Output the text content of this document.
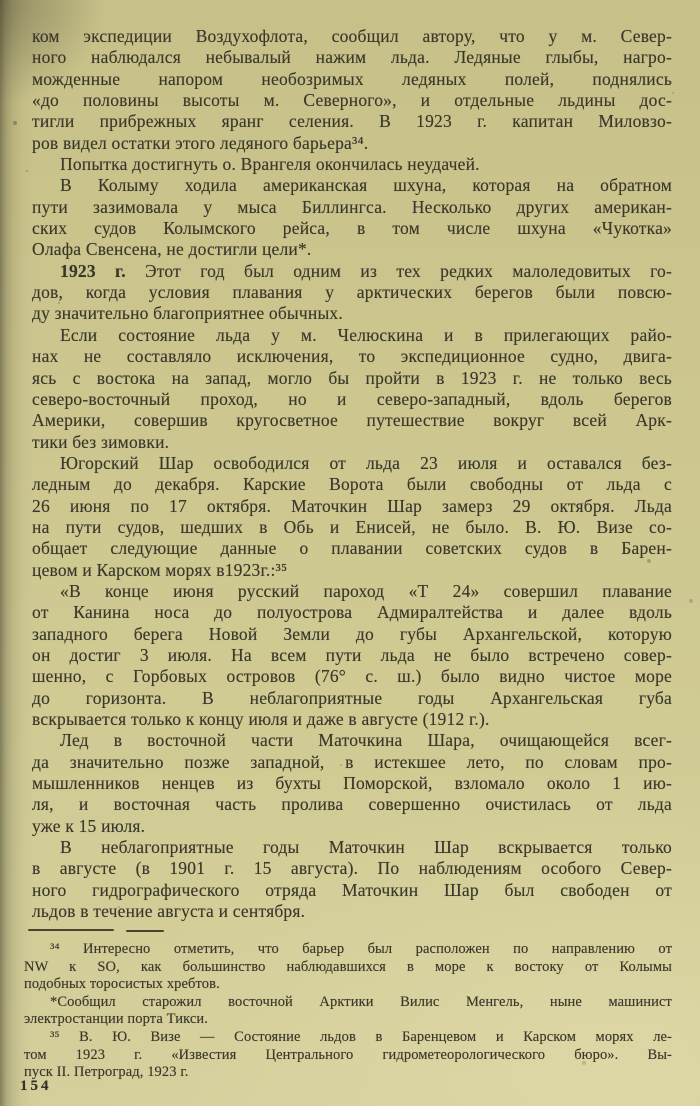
ком экспедиции Воздухофлота, сообщил автору, что у м. Север-
ного наблюдался небывалый нажим льда. Ледяные глыбы, нагро-
можденные напором необозримых ледяных полей, поднялись
«до половины высоты м. Северного», и отдельные льдины дос-
тигли прибрежных яранг селения. В 1923 г. капитан Миловзо-
ров видел остатки этого ледяного барьера³⁴.
Попытка достигнуть о. Врангеля окончилась неудачей.
В Колыму ходила американская шхуна, которая на обратном
пути зазимовала у мыса Биллингса. Несколько других американ-
ских судов Колымского рейса, в том числе шхуна «Чукотка»
Олафа Свенсена, не достигли цели*.
1923 г. Этот год был одним из тех редких малоледовитых го-
дов, когда условия плавания у арктических берегов были повсю-
ду значительно благоприятнее обычных.
Если состояние льда у м. Челюскина и в прилегающих райо-
нах не составляло исключения, то экспедиционное судно, двига-
ясь с востока на запад, могло бы пройти в 1923 г. не только весь
северо-восточный проход, но и северо-западный, вдоль берегов
Америки, совершив кругосветное путешествие вокруг всей Арк-
тики без зимовки.
Югорский Шар освободился от льда 23 июля и оставался без-
ледным до декабря. Карские Ворота были свободны от льда с
26 июня по 17 октября. Маточкин Шар замерз 29 октября. Льда
на пути судов, шедших в Обь и Енисей, не было. В. Ю. Визе со-
общает следующие данные о плавании советских судов в Барен-
цевом и Карском морях в1923г.:³⁵
«В конце июня русский пароход «Т 24» совершил плавание
от Канина носа до полуострова Адмиралтейства и далее вдоль
западного берега Новой Земли до губы Архангельской, которую
он достиг 3 июля. На всем пути льда не было встречено совер-
шенно, с Горбовых островов (76° с. ш.) было видно чистое море
до горизонта. В неблагоприятные годы Архангельская губа
вскрывается только к концу июля и даже в августе (1912 г.).
Лед в восточной части Маточкина Шара, очищающейся всег-
да значительно позже западной, в истекшее лето, по словам про-
мышленников ненцев из бухты Поморской, взломало около 1 ию-
ля, и восточная часть пролива совершенно очистилась от льда
уже к 15 июля.
В неблагоприятные годы Маточкин Шар вскрывается только
в августе (в 1901 г. 15 августа). По наблюдениям особого Север-
ного гидрографического отряда Маточкин Шар был свободен от
льдов в течение августа и сентября.
³⁴ Интересно отметить, что барьер был расположен по направлению от
NW к SO, как большинство наблюдавшихся в море к востоку от Колымы
подобных торосистых хребтов.
*Сообщил старожил восточной Арктики Вилис Менгель, ныне машинист
электростанции порта Тикси.
³⁵ В. Ю. Визе — Состояние льдов в Баренцевом и Карском морях ле-
том 1923 г. «Известия Центрального гидрометеорологического бюро». Вы-
пуск II. Петроград, 1923 г.
154
